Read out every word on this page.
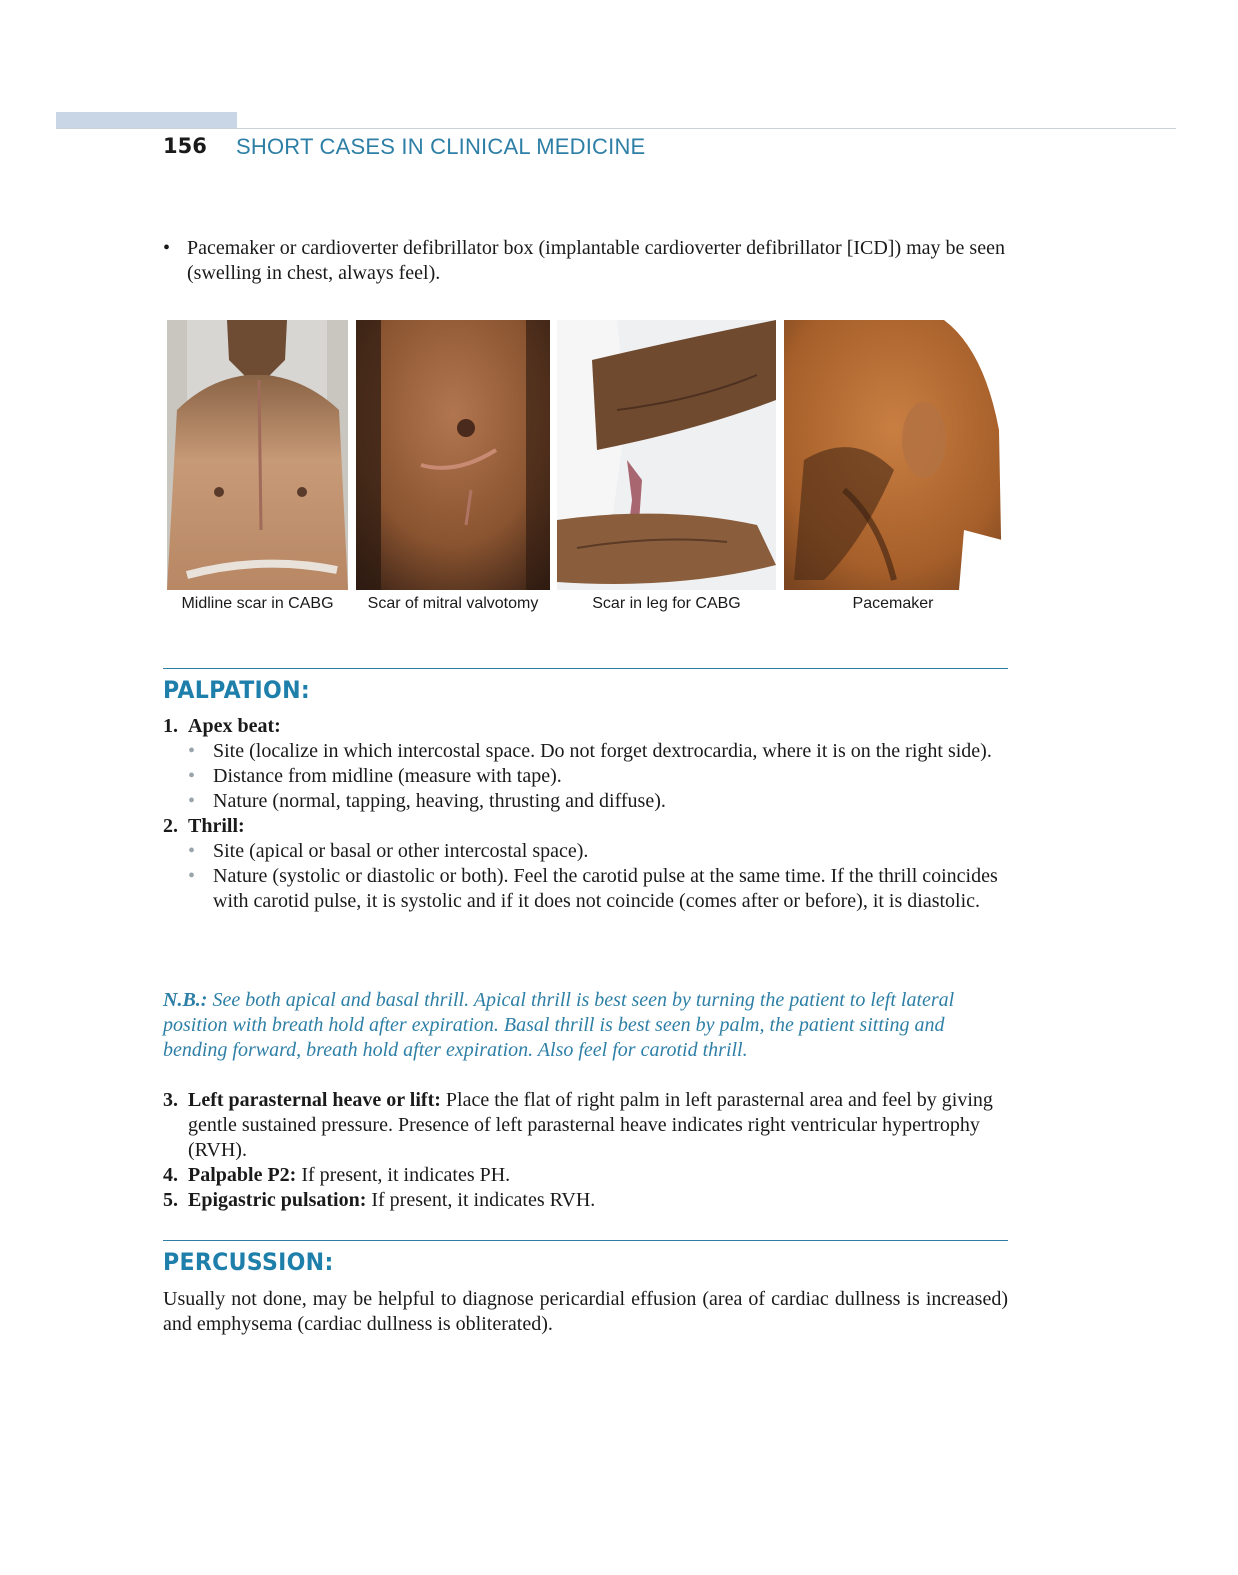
156 SHORT CASES IN CLINICAL MEDICINE
• Pacemaker or cardioverter defibrillator box (implantable cardioverter defibrillator [ICD]) may be seen (swelling in chest, always feel).
Midline scar in CABG	Scar of mitral valvotomy	Scar in leg for CABG	Pacemaker
PALPATION:
1. Apex beat:
• Site (localize in which intercostal space. Do not forget dextrocardia, where it is on the right side).
• Distance from midline (measure with tape).
• Nature (normal, tapping, heaving, thrusting and diffuse).
2. Thrill:
• Site (apical or basal or other intercostal space).
• Nature (systolic or diastolic or both). Feel the carotid pulse at the same time. If the thrill coincides with carotid pulse, it is systolic and if it does not coincide (comes after or before), it is diastolic.
N.B.: See both apical and basal thrill. Apical thrill is best seen by turning the patient to left lateral position with breath hold after expiration. Basal thrill is best seen by palm, the patient sitting and bending forward, breath hold after expiration. Also feel for carotid thrill.
3. Left parasternal heave or lift: Place the flat of right palm in left parasternal area and feel by giving gentle sustained pressure. Presence of left parasternal heave indicates right ventricular hypertrophy (RVH).
4. Palpable P2: If present, it indicates PH.
5. Epigastric pulsation: If present, it indicates RVH.
PERCUSSION:
Usually not done, may be helpful to diagnose pericardial effusion (area of cardiac dullness is increased) and emphysema (cardiac dullness is obliterated).
